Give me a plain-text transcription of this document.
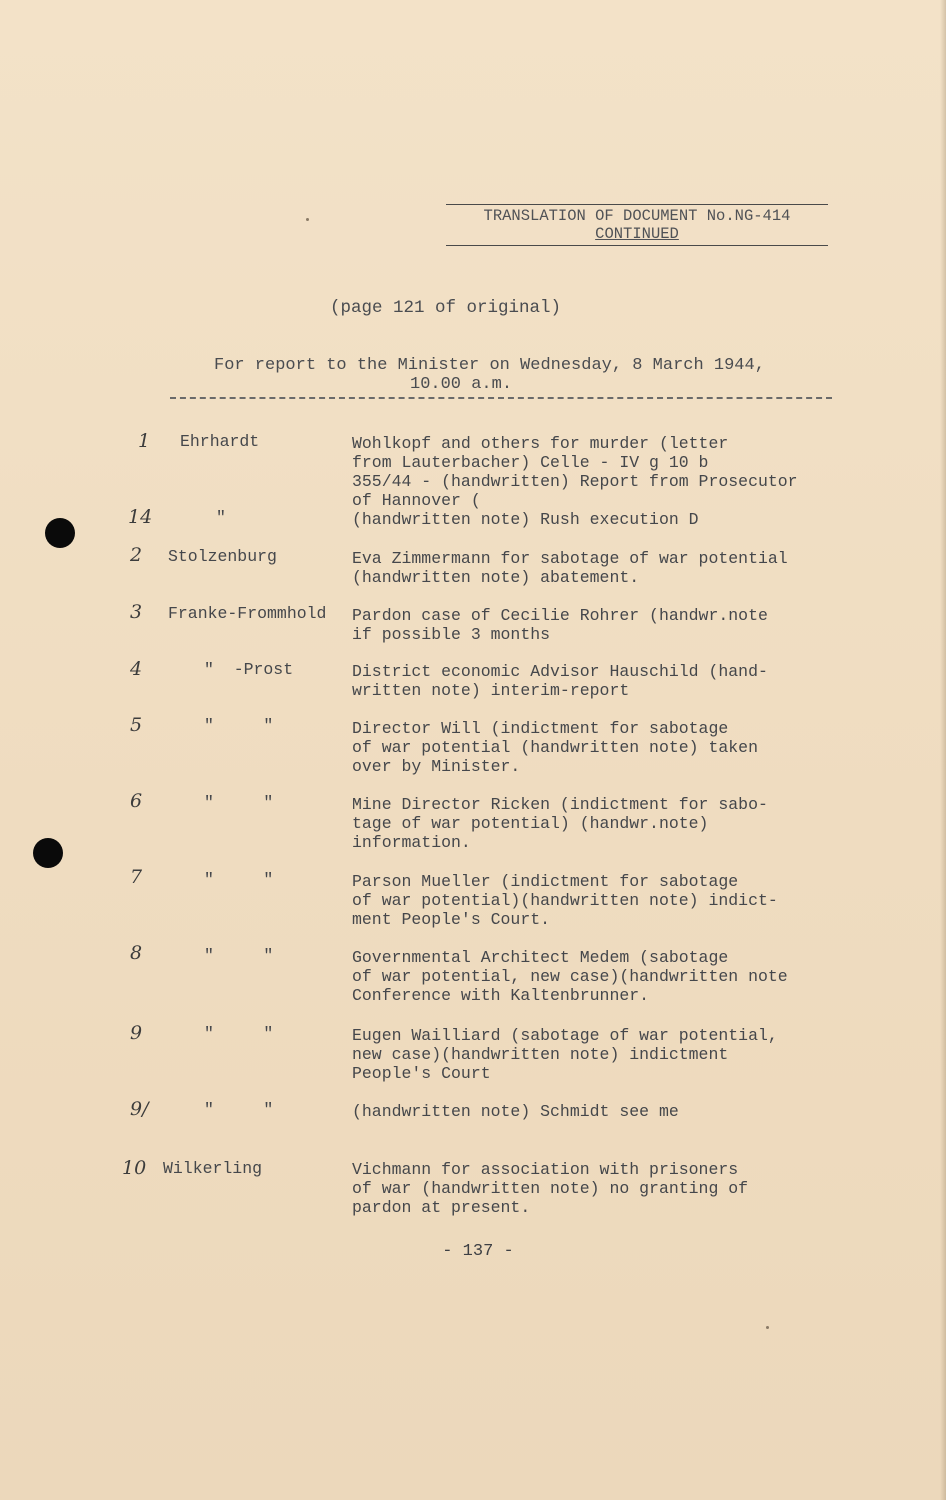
TRANSLATION OF DOCUMENT No.NG-414
CONTINUED
(page 121 of original)
For report to the Minister on Wednesday, 8 March 1944,
10.00 a.m.
1 Ehrhardt	Wohlkopf and others for murder (letter
from Lauterbacher) Celle - IV g 10 b
355/44 - (handwritten) Report from Prosecutor
of Hannover (
14	"	(handwritten note) Rush execution D
2 Stolzenburg	Eva Zimmermann for sabotage of war potential
(handwritten note) abatement.
3 Franke-Frommhold Pardon case of Cecilie Rohrer (handwr.note
if possible 3 months
4	"  -Prost	District economic Advisor Hauschild (hand-
written note) interim-report
5	"     "	Director Will (indictment for sabotage
of war potential (handwritten note) taken
over by Minister.
6	"     "	Mine Director Ricken (indictment for sabo-
tage of war potential) (handwr.note)
information.
7	"     "	Parson Mueller (indictment for sabotage
of war potential)(handwritten note) indict-
ment People's Court.
8	"     "	Governmental Architect Medem (sabotage
of war potential, new case)(handwritten note
Conference with Kaltenbrunner.
9	"     "	Eugen Wailliard (sabotage of war potential,
new case)(handwritten note) indictment
People's Court
9/	"     "	(handwritten note) Schmidt see me
10 Wilkerling	Vichmann for association with prisoners
of war (handwritten note) no granting of
pardon at present.
- 137 -
